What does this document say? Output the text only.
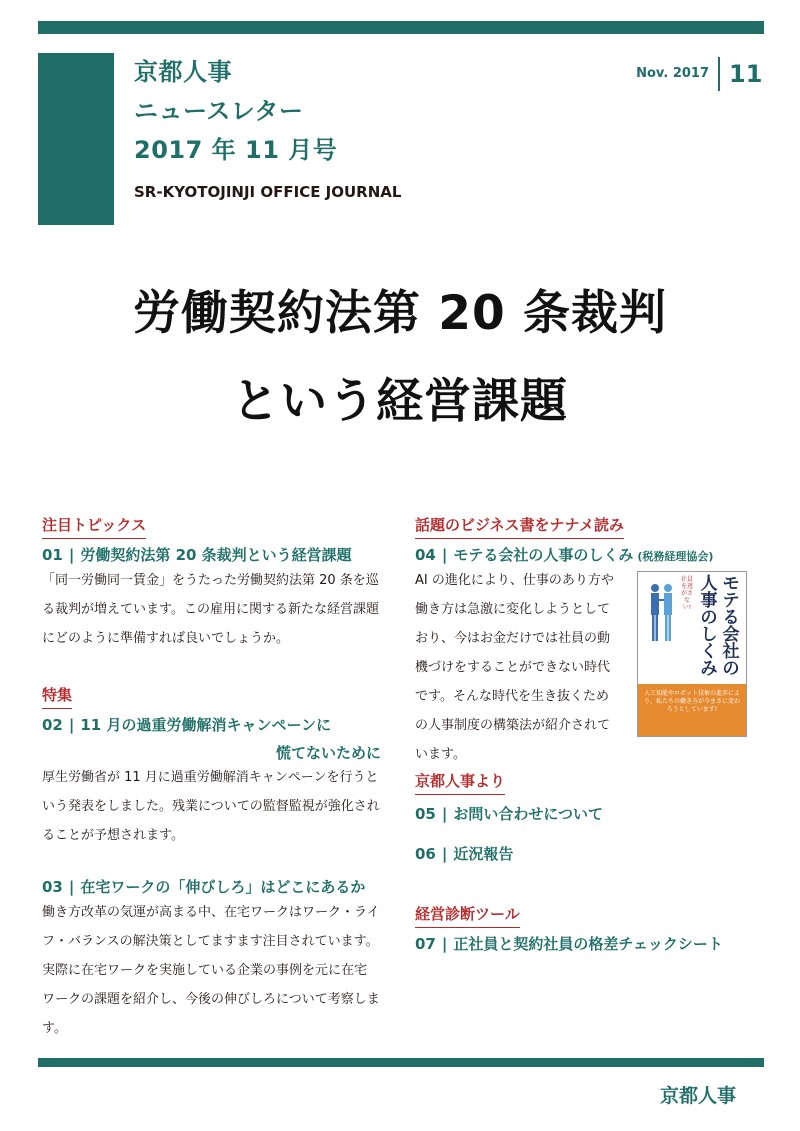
京都人事
ニュースレター
2017 年 11 月号
SR-KYOTOJINJI OFFICE JOURNAL
Nov. 2017 11
労働契約法第 20 条裁判
という経営課題
注目トピックス
01 | 労働契約法第 20 条裁判という経営課題
「同一労働同一賃金」をうたった労働契約法第 20 条を巡
る裁判が増えています。この雇用に関する新たな経営課題
にどのように準備すれば良いでしょうか。
特集
02 | 11 月の過重労働解消キャンペーンに
慌てないために
厚生労働省が 11 月に過重労働解消キャンペーンを行うと
いう発表をしました。残業についての監督監視が強化され
ることが予想されます。
03 | 在宅ワークの「伸びしろ」はどこにあるか
働き方改革の気運が高まる中、在宅ワークはワーク・ライ
フ・バランスの解決策としてますます注目されています。
実際に在宅ワークを実施している企業の事例を元に在宅
ワークの課題を紹介し、今後の伸びしろについて考察しま
す。
話題のビジネス書をナナメ読み
04 | モテる会社の人事のしくみ (税務経理協会)
AI の進化により、仕事のあり方や
働き方は急激に変化しようとして
おり、今はお金だけでは社員の動
機づけをすることができない時代
です。そんな時代を生き抜くため
の人事制度の構築法が紹介されて
います。
モテる会社の
人事のしくみ
社員を逃がさない!
人工知能やロボット技術の進歩により、私たちの働き方が今まさに変わろうとしています!
京都人事より
05 | お問い合わせについて
06 | 近況報告
経営診断ツール
07 | 正社員と契約社員の格差チェックシート
京都人事
